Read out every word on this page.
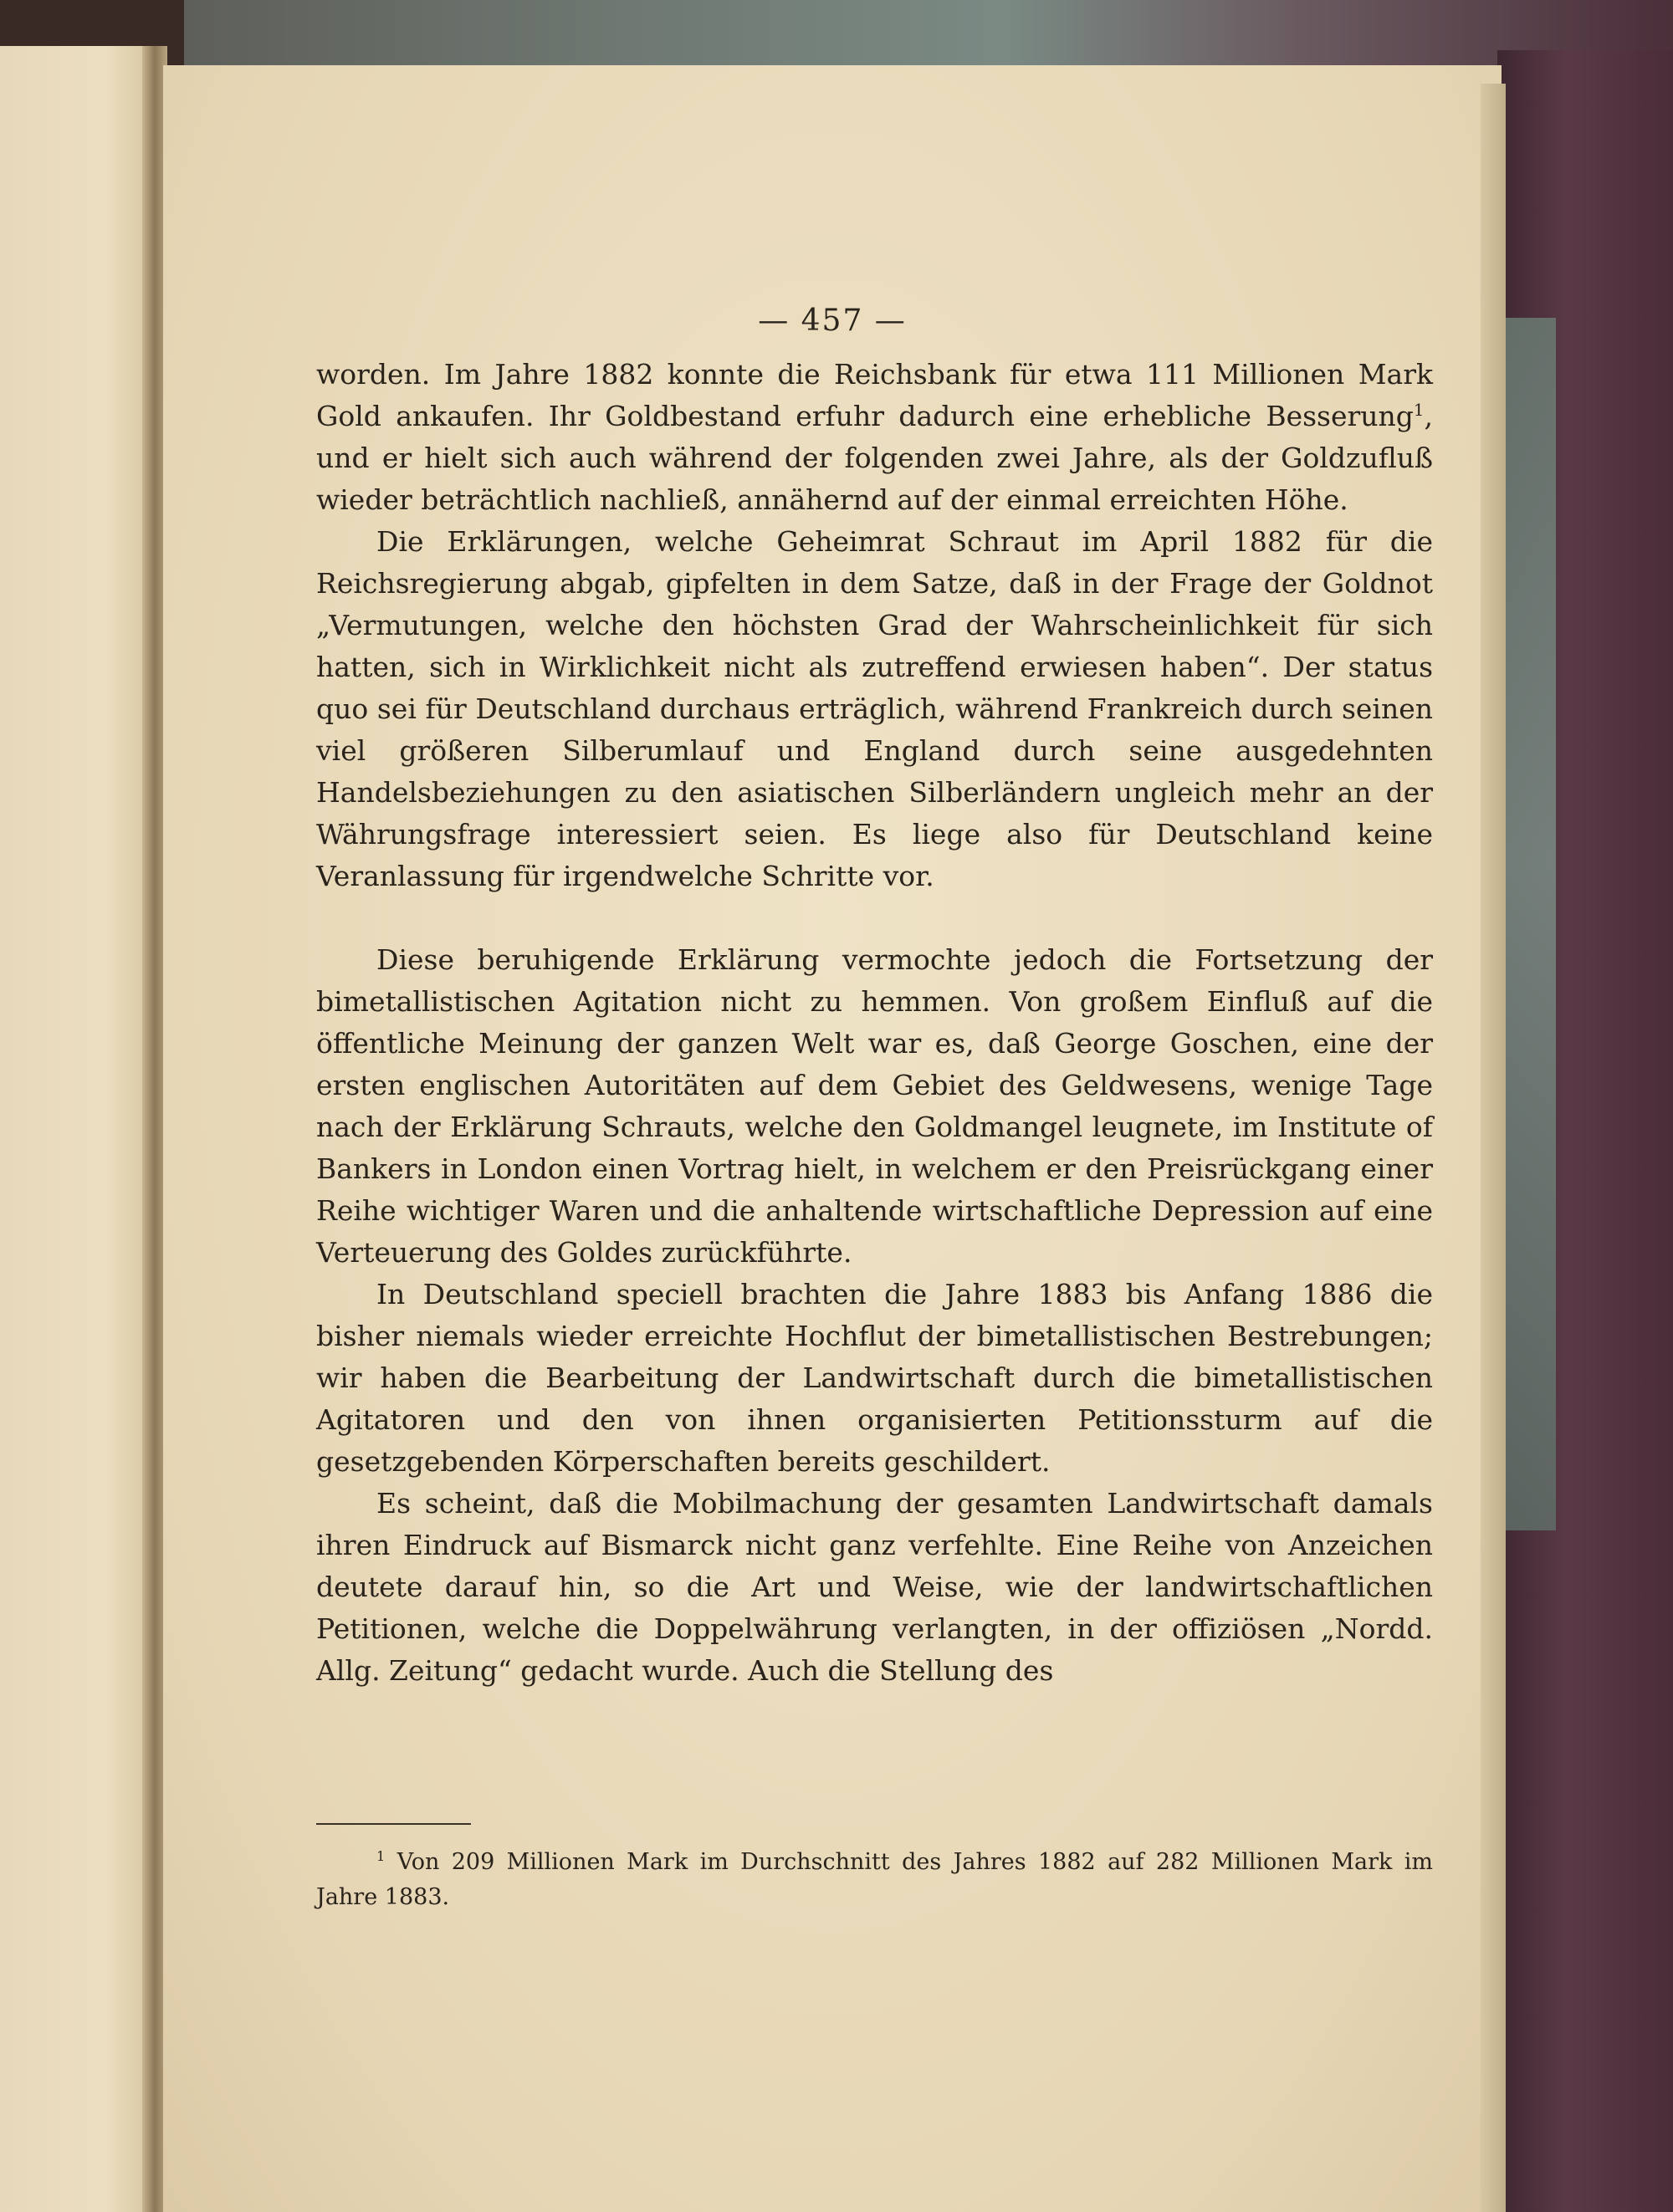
— 457 —

worden. Im Jahre 1882 konnte die Reichsbank für etwa 111 Millionen Mark Gold ankaufen. Ihr Goldbestand erfuhr dadurch eine erhebliche Besserung$^1$, und er hielt sich auch während der folgenden zwei Jahre, als der Goldzufluß wieder beträchtlich nachließ, annähernd auf der einmal erreichten Höhe.

Die Erklärungen, welche Geheimrat Schraut im April 1882 für die Reichsregierung abgab, gipfelten in dem Satze, daß in der Frage der Goldnot „Vermutungen, welche den höchsten Grad der Wahrscheinlichkeit für sich hatten, sich in Wirklichkeit nicht als zutreffend erwiesen haben“. Der status quo sei für Deutschland durchaus erträglich, während Frankreich durch seinen viel größeren Silberumlauf und England durch seine ausgedehnten Handelsbeziehungen zu den asiatischen Silberländern ungleich mehr an der Währungsfrage interessiert seien. Es liege also für Deutschland keine Veranlassung für irgendwelche Schritte vor.

Diese beruhigende Erklärung vermochte jedoch die Fortsetzung der bimetallistischen Agitation nicht zu hemmen. Von großem Einfluß auf die öffentliche Meinung der ganzen Welt war es, daß George Goschen, eine der ersten englischen Autoritäten auf dem Gebiet des Geldwesens, wenige Tage nach der Erklärung Schrauts, welche den Goldmangel leugnete, im Institute of Bankers in London einen Vortrag hielt, in welchem er den Preisrückgang einer Reihe wichtiger Waren und die anhaltende wirtschaftliche Depression auf eine Verteuerung des Goldes zurückführte.

In Deutschland speciell brachten die Jahre 1883 bis Anfang 1886 die bisher niemals wieder erreichte Hochflut der bimetallistischen Bestrebungen; wir haben die Bearbeitung der Landwirtschaft durch die bimetallistischen Agitatoren und den von ihnen organisierten Petitionssturm auf die gesetzgebenden Körperschaften bereits geschildert.

Es scheint, daß die Mobilmachung der gesamten Landwirtschaft damals ihren Eindruck auf Bismarck nicht ganz verfehlte. Eine Reihe von Anzeichen deutete darauf hin, so die Art und Weise, wie der landwirtschaftlichen Petitionen, welche die Doppelwährung verlangten, in der offiziösen „Nordd. Allg. Zeitung“ gedacht wurde. Auch die Stellung des

$^1$ Von 209 Millionen Mark im Durchschnitt des Jahres 1882 auf 282 Millionen Mark im Jahre 1883.
